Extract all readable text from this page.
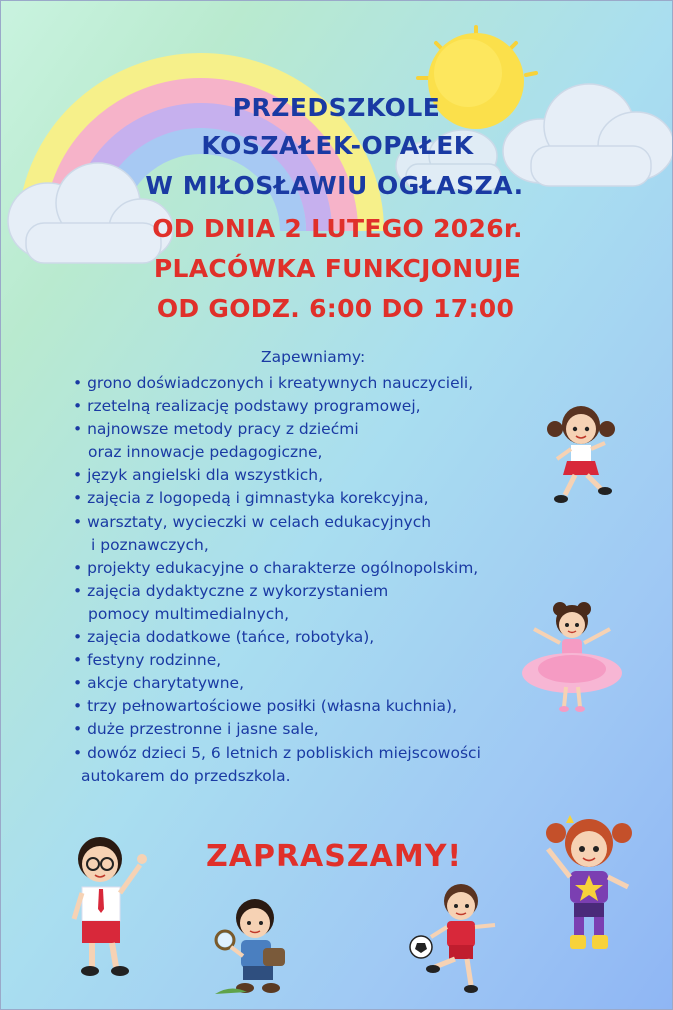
PRZEDSZKOLE
KOSZAŁEK-OPAŁEK
W MIŁOSŁAWIU OGŁASZA.
OD DNIA 2 LUTEGO 2026r.
PLACÓWKA FUNKCJONUJE
OD GODZ. 6:00 DO 17:00
Zapewniamy:
• grono doświadczonych i kreatywnych nauczycieli,
• rzetelną realizację podstawy programowej,
• najnowsze metody pracy z dziećmi
oraz innowacje pedagogiczne,
• język angielski dla wszystkich,
• zajęcia z logopedą i gimnastyka korekcyjna,
• warsztaty, wycieczki w celach edukacyjnych
i poznawczych,
• projekty edukacyjne o charakterze ogólnopolskim,
• zajęcia dydaktyczne z wykorzystaniem
pomocy multimedialnych,
• zajęcia dodatkowe (tańce, robotyka),
• festyny rodzinne,
• akcje charytatywne,
• trzy pełnowartościowe posiłki (własna kuchnia),
• duże przestronne i jasne sale,
• dowóz dzieci 5, 6 letnich z pobliskich miejscowości
autokarem do przedszkola.
ZAPRASZAMY!
